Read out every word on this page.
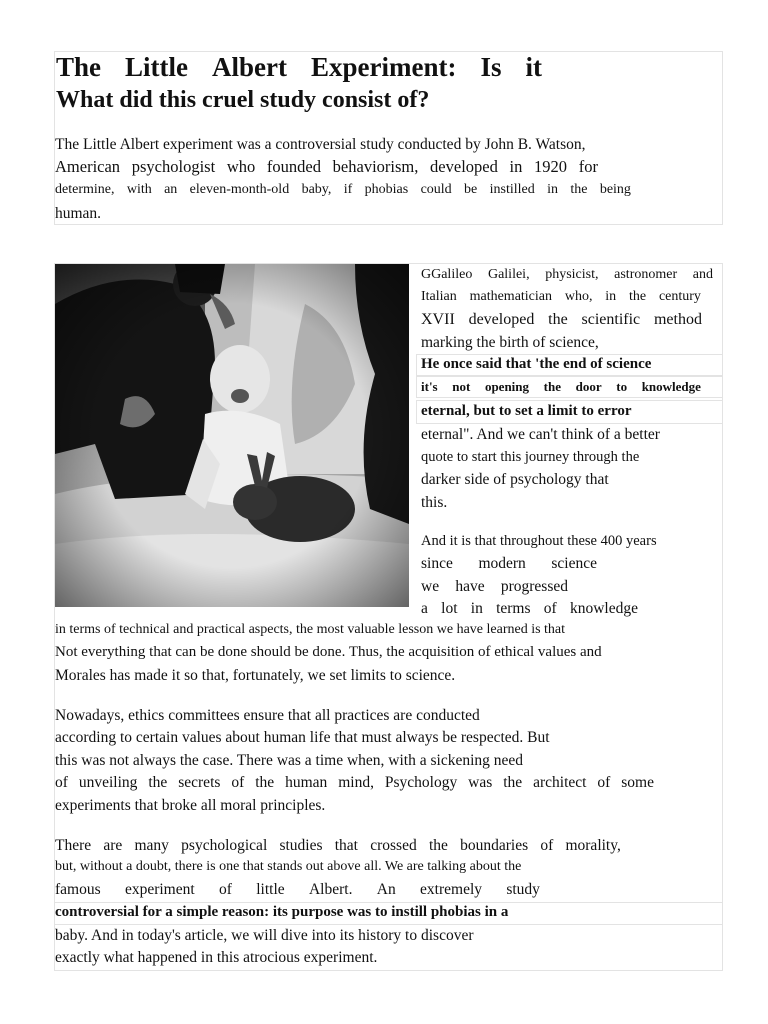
The Little Albert Experiment: Is it
What did this cruel study consist of?
The Little Albert experiment was a controversial study conducted by John B. Watson,
American psychologist who founded behaviorism, developed in 1920 for
determine, with an eleven-month-old baby, if phobias could be instilled in the being
human.
GGalileo Galilei, physicist, astronomer and
Italian mathematician who, in the century
XVII developed the scientific method
marking the birth of science,
He once said that 'the end of science
it's not opening the door to knowledge
eternal, but to set a limit to error
eternal". And we can't think of a better
quote to start this journey through the
darker side of psychology that
this.
And it is that throughout these 400 years
since modern science
we have progressed
a lot in terms of knowledge
in terms of technical and practical aspects, the most valuable lesson we have learned is that
Not everything that can be done should be done. Thus, the acquisition of ethical values and
Morales has made it so that, fortunately, we set limits to science.
Nowadays, ethics committees ensure that all practices are conducted
according to certain values about human life that must always be respected. But
this was not always the case. There was a time when, with a sickening need
of unveiling the secrets of the human mind, Psychology was the architect of some
experiments that broke all moral principles.
There are many psychological studies that crossed the boundaries of morality,
but, without a doubt, there is one that stands out above all. We are talking about the
famous experiment of little Albert. An extremely study
controversial for a simple reason: its purpose was to instill phobias in a
baby. And in today's article, we will dive into its history to discover
exactly what happened in this atrocious experiment.
